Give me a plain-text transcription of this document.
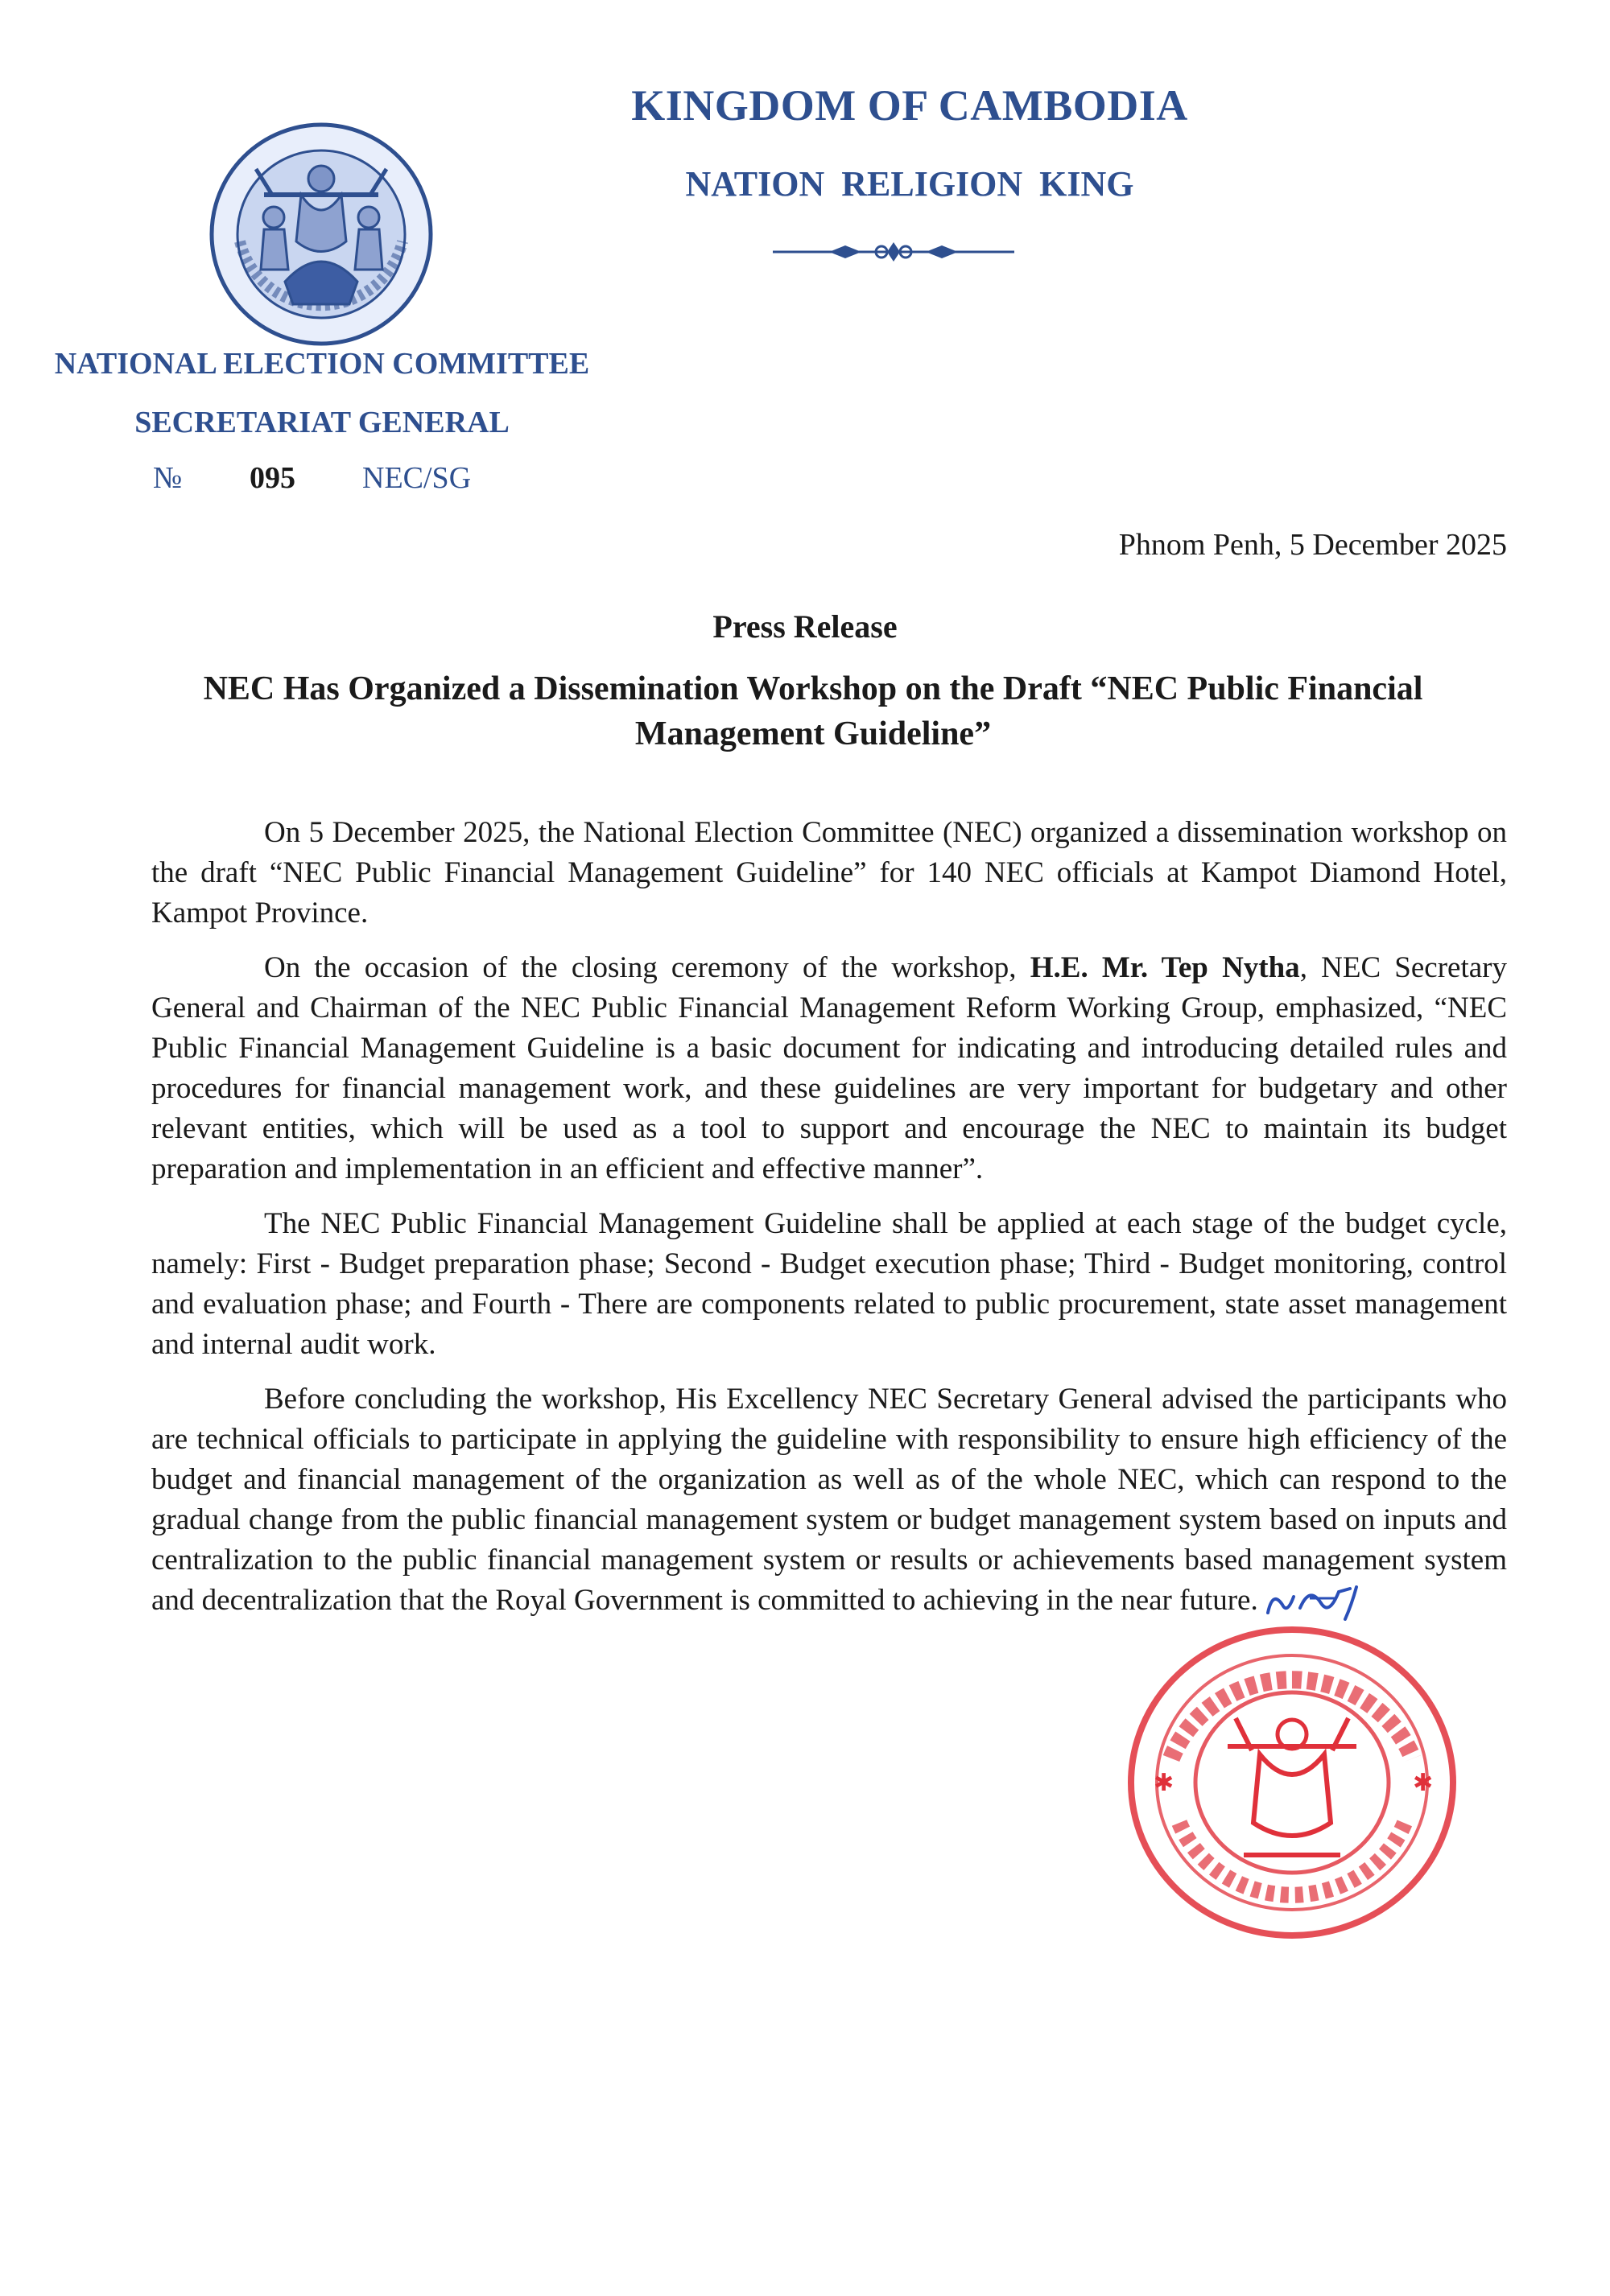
KINGDOM OF CAMBODIA
NATION RELIGION KING
NATIONAL ELECTION COMMITTEE
SECRETARIAT GENERAL
№ 095 NEC/SG
Phnom Penh, 5 December 2025
Press Release
NEC Has Organized a Dissemination Workshop on the Draft “NEC Public Financial Management Guideline”

On 5 December 2025, the National Election Committee (NEC) organized a dissemination workshop on the draft “NEC Public Financial Management Guideline” for 140 NEC officials at Kampot Diamond Hotel, Kampot Province.

On the occasion of the closing ceremony of the workshop, H.E. Mr. Tep Nytha, NEC Secretary General and Chairman of the NEC Public Financial Management Reform Working Group, emphasized, “NEC Public Financial Management Guideline is a basic document for indicating and introducing detailed rules and procedures for financial management work, and these guidelines are very important for budgetary and other relevant entities, which will be used as a tool to support and encourage the NEC to maintain its budget preparation and implementation in an efficient and effective manner”.

The NEC Public Financial Management Guideline shall be applied at each stage of the budget cycle, namely: First - Budget preparation phase; Second - Budget execution phase; Third - Budget monitoring, control and evaluation phase; and Fourth - There are components related to public procurement, state asset management and internal audit work.

Before concluding the workshop, His Excellency NEC Secretary General advised the participants who are technical officials to participate in applying the guideline with responsibility to ensure high efficiency of the budget and financial management of the organization as well as of the whole NEC, which can respond to the gradual change from the public financial management system or budget management system based on inputs and centralization to the public financial management system or results or achievements based management system and decentralization that the Royal Government is committed to achieving in the near future.

✱	✱
